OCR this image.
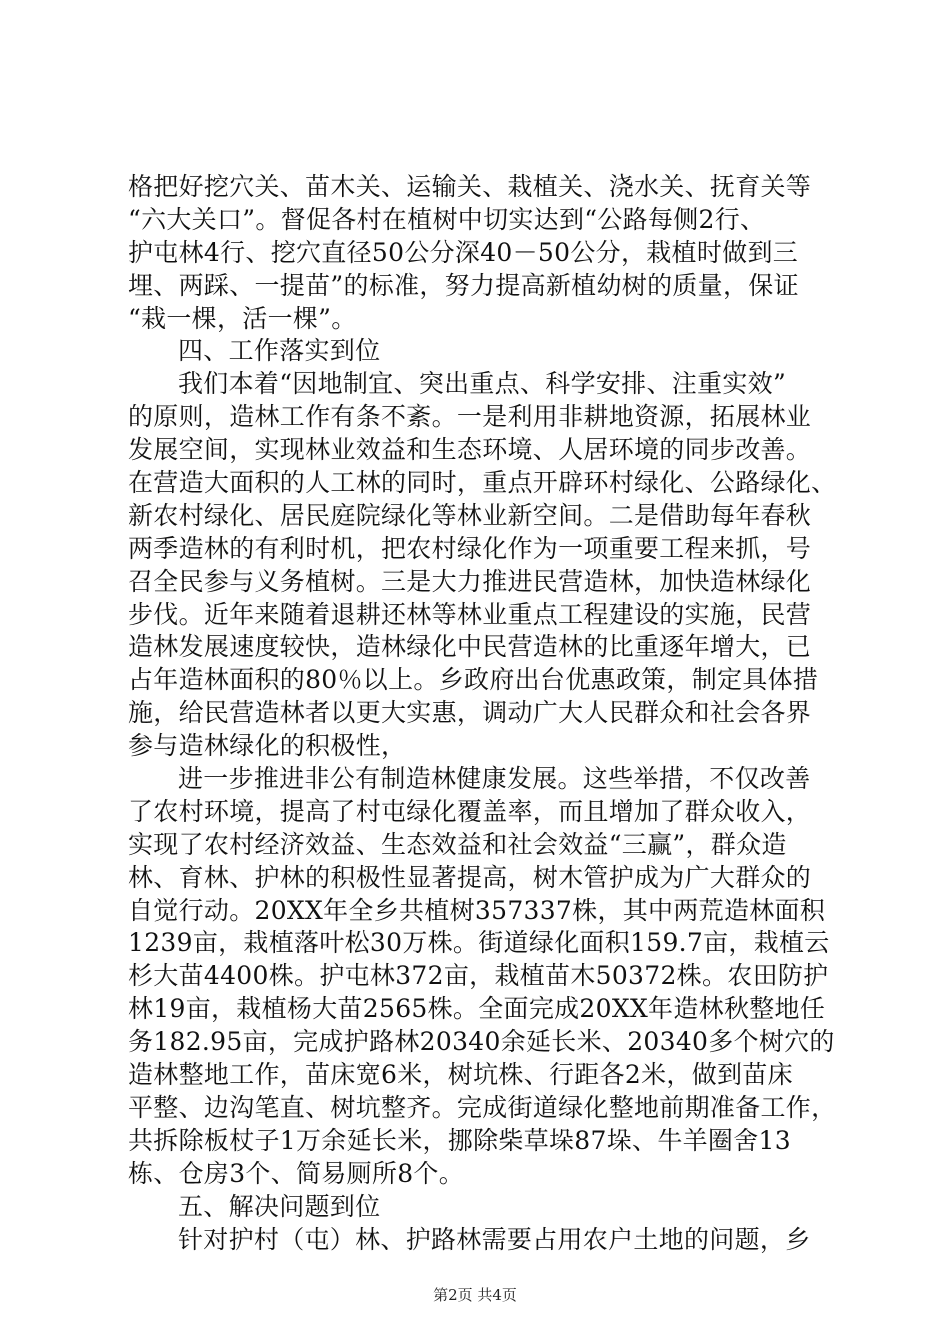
格把好挖穴关、苗木关、运输关、栽植关、浇水关、抚育关等
“六大关口”。督促各村在植树中切实达到“公路每侧2行、
护屯林4行、挖穴直径50公分深40－50公分，栽植时做到三
埋、两踩、一提苗”的标准，努力提高新植幼树的质量，保证
“栽一棵，活一棵”。
四、工作落实到位
我们本着“因地制宜、突出重点、科学安排、注重实效”
的原则，造林工作有条不紊。一是利用非耕地资源，拓展林业
发展空间，实现林业效益和生态环境、人居环境的同步改善。
在营造大面积的人工林的同时，重点开辟环村绿化、公路绿化、
新农村绿化、居民庭院绿化等林业新空间。二是借助每年春秋
两季造林的有利时机，把农村绿化作为一项重要工程来抓，号
召全民参与义务植树。三是大力推进民营造林，加快造林绿化
步伐。近年来随着退耕还林等林业重点工程建设的实施，民营
造林发展速度较快，造林绿化中民营造林的比重逐年增大，已
占年造林面积的80％以上。乡政府出台优惠政策，制定具体措
施，给民营造林者以更大实惠，调动广大人民群众和社会各界
参与造林绿化的积极性，
进一步推进非公有制造林健康发展。这些举措，不仅改善
了农村环境，提高了村屯绿化覆盖率，而且增加了群众收入，
实现了农村经济效益、生态效益和社会效益“三赢”，群众造
林、育林、护林的积极性显著提高，树木管护成为广大群众的
自觉行动。20XX年全乡共植树357337株，其中两荒造林面积
1239亩，栽植落叶松30万株。街道绿化面积159.7亩，栽植云
杉大苗4400株。护屯林372亩，栽植苗木50372株。农田防护
林19亩，栽植杨大苗2565株。全面完成20XX年造林秋整地任
务182.95亩，完成护路林20340余延长米、20340多个树穴的
造林整地工作，苗床宽6米，树坑株、行距各2米，做到苗床
平整、边沟笔直、树坑整齐。完成街道绿化整地前期准备工作，
共拆除板杖子1万余延长米，挪除柴草垛87垛、牛羊圈舍13
栋、仓房3个、简易厕所8个。
五、解决问题到位
针对护村（屯）林、护路林需要占用农户土地的问题，乡
第2页 共4页
